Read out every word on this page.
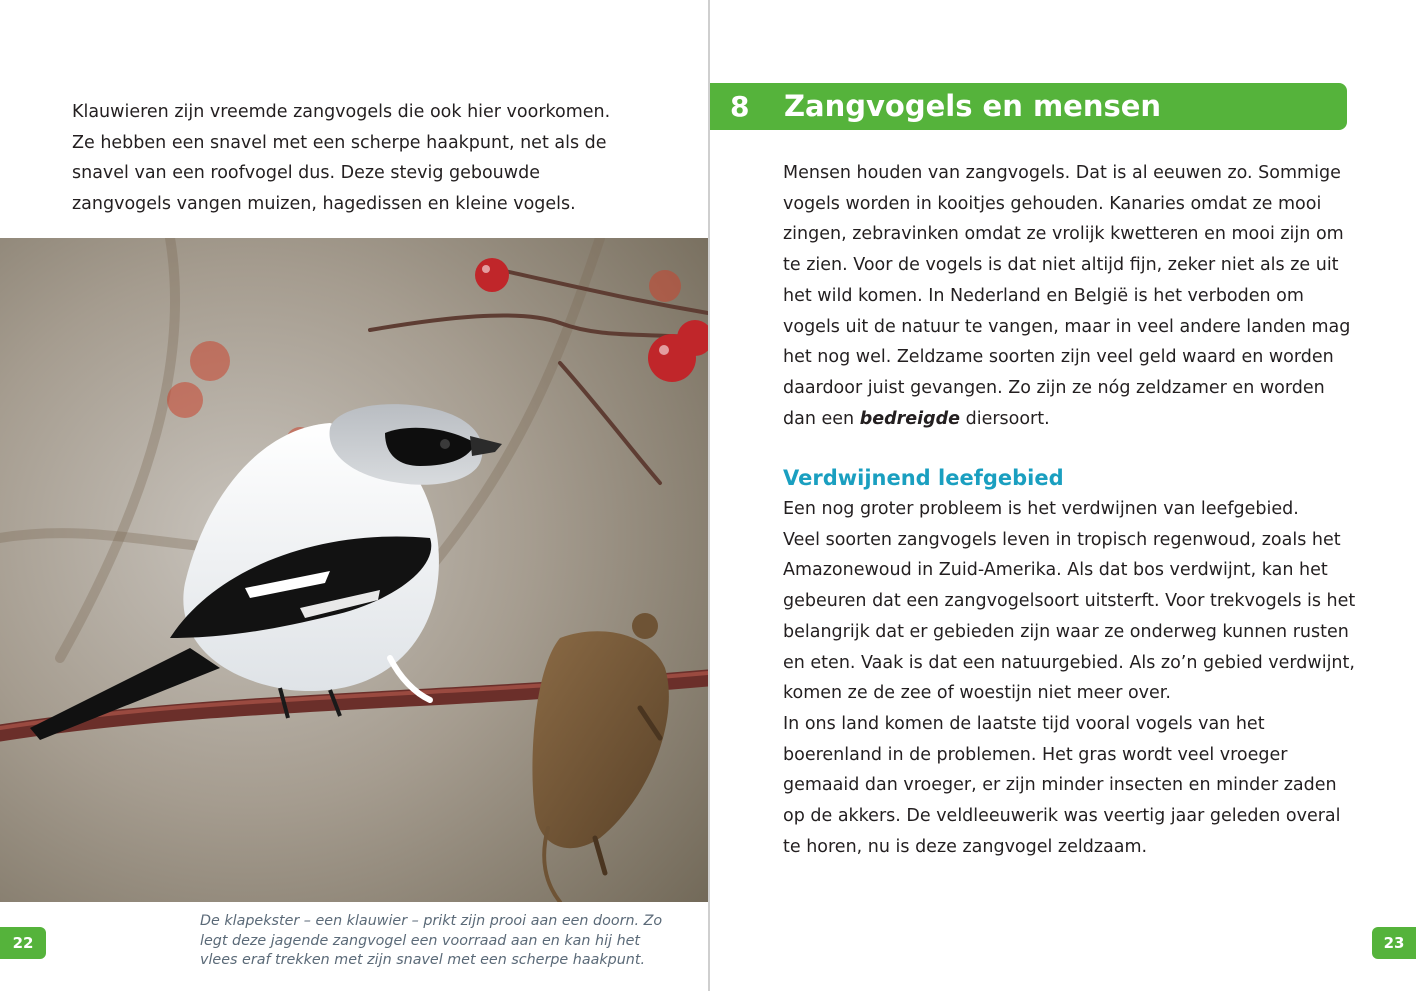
Klauwieren zijn vreemde zangvogels die ook hier voorkomen. Ze hebben een snavel met een scherpe haakpunt, net als de snavel van een roofvogel dus. Deze stevig gebouwde zangvogels vangen muizen, hagedissen en kleine vogels.

De klapekster – een klauwier – prikt zijn prooi aan een doorn. Zo legt deze jagende zangvogel een voorraad aan en kan hij het vlees eraf trekken met zijn snavel met een scherpe haakpunt.

22
8 Zangvogels en mensen

Mensen houden van zangvogels. Dat is al eeuwen zo. Sommige vogels worden in kooitjes gehouden. Kanaries omdat ze mooi zingen, zebravinken omdat ze vrolijk kwetteren en mooi zijn om te zien. Voor de vogels is dat niet altijd fijn, zeker niet als ze uit het wild komen. In Nederland en België is het verboden om vogels uit de natuur te vangen, maar in veel andere landen mag het nog wel. Zeldzame soorten zijn veel geld waard en worden daardoor juist gevangen. Zo zijn ze nóg zeldzamer en worden dan een bedreigde diersoort.

Verdwijnend leefgebied
Een nog groter probleem is het verdwijnen van leefgebied.
Veel soorten zangvogels leven in tropisch regenwoud, zoals het Amazonewoud in Zuid-Amerika. Als dat bos verdwijnt, kan het gebeuren dat een zangvogelsoort uitsterft. Voor trekvogels is het belangrijk dat er gebieden zijn waar ze onderweg kunnen rusten en eten. Vaak is dat een natuurgebied. Als zo’n gebied verdwijnt, komen ze de zee of woestijn niet meer over.
In ons land komen de laatste tijd vooral vogels van het boerenland in de problemen. Het gras wordt veel vroeger gemaaid dan vroeger, er zijn minder insecten en minder zaden op de akkers. De veldleeuwerik was veertig jaar geleden overal te horen, nu is deze zangvogel zeldzaam.
23
